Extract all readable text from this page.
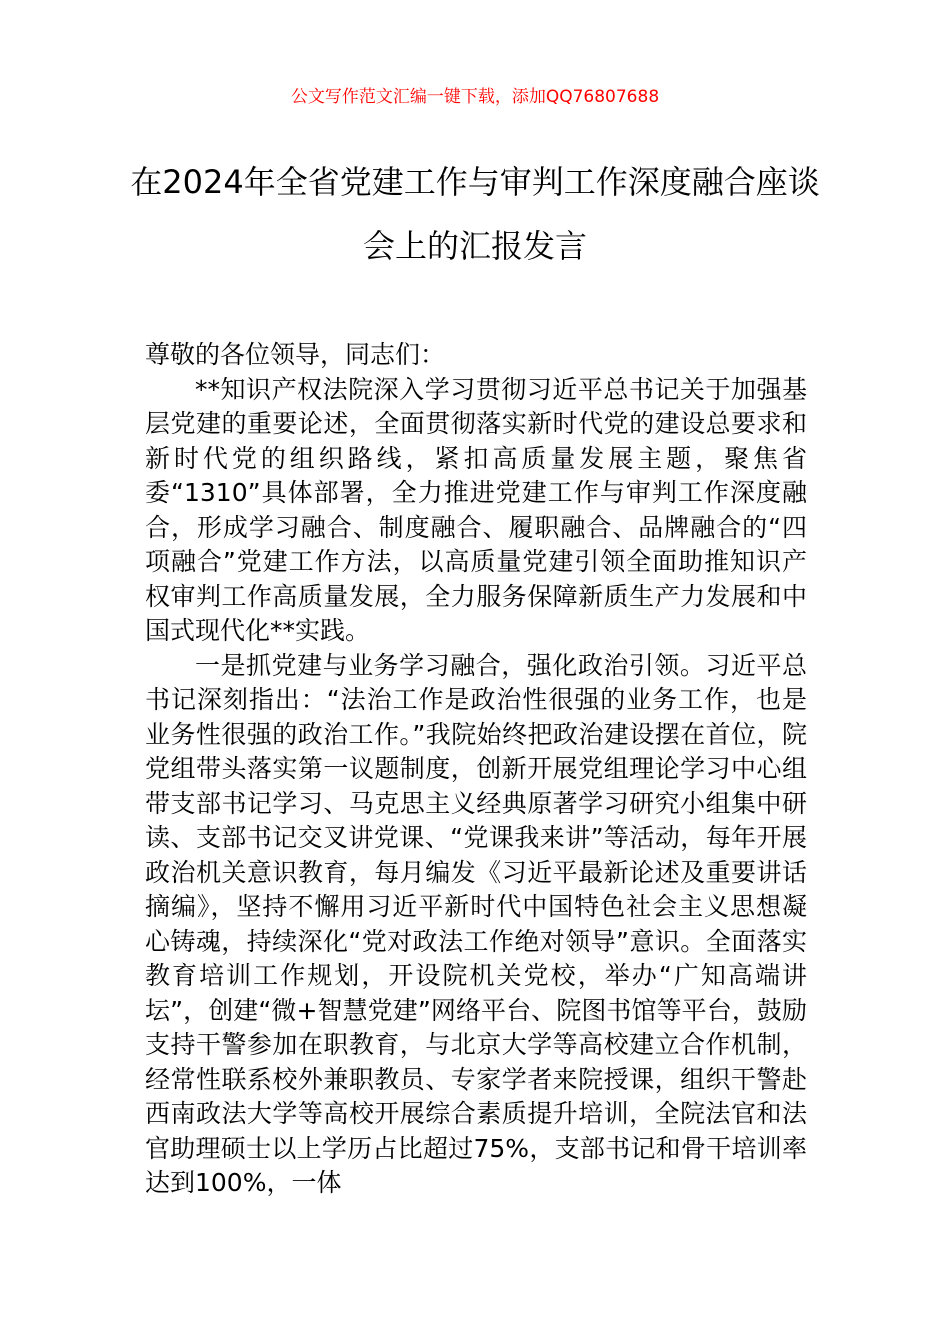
公文写作范文汇编一键下载，添加QQ76807688
在2024年全省党建工作与审判工作深度融合座谈会上的汇报发言

尊敬的各位领导，同志们：

**知识产权法院深入学习贯彻习近平总书记关于加强基层党建的重要论述，全面贯彻落实新时代党的建设总要求和新时代党的组织路线，紧扣高质量发展主题，聚焦省委“1310”具体部署，全力推进党建工作与审判工作深度融合，形成学习融合、制度融合、履职融合、品牌融合的“四项融合”党建工作方法，以高质量党建引领全面助推知识产权审判工作高质量发展，全力服务保障新质生产力发展和中国式现代化**实践。

一是抓党建与业务学习融合，强化政治引领。习近平总书记深刻指出：“法治工作是政治性很强的业务工作，也是业务性很强的政治工作。”我院始终把政治建设摆在首位，院党组带头落实第一议题制度，创新开展党组理论学习中心组带支部书记学习、马克思主义经典原著学习研究小组集中研读、支部书记交叉讲党课、“党课我来讲”等活动，每年开展政治机关意识教育，每月编发《习近平最新论述及重要讲话摘编》，坚持不懈用习近平新时代中国特色社会主义思想凝心铸魂，持续深化“党对政法工作绝对领导”意识。全面落实教育培训工作规划，开设院机关党校，举办“广知高端讲坛”，创建“微+智慧党建”网络平台、院图书馆等平台，鼓励支持干警参加在职教育，与北京大学等高校建立合作机制，经常性联系校外兼职教员、专家学者来院授课，组织干警赴西南政法大学等高校开展综合素质提升培训，全院法官和法官助理硕士以上学历占比超过75%，支部书记和骨干培训率达到100%，一体
